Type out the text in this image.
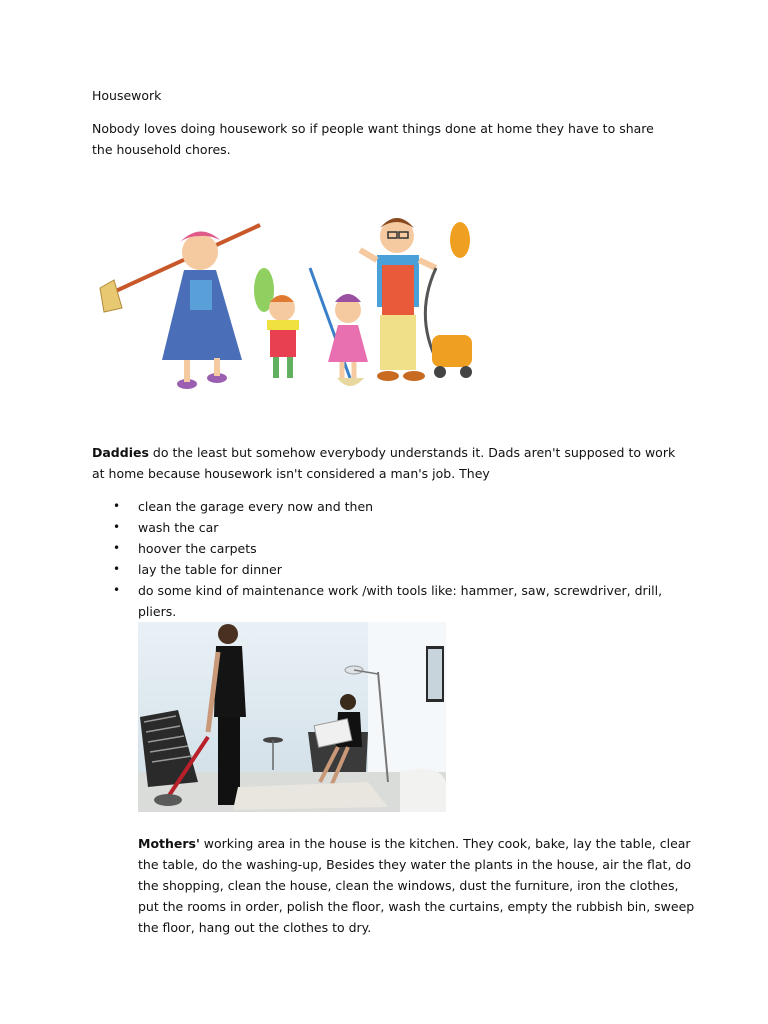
Housework
Nobody loves doing housework so if people want things done at home they have to share the household chores.
Daddies do the least but somehow everybody understands it. Dads aren't supposed to work at home because housework isn't considered a man's job. They
• clean the garage every now and then
• wash the car
• hoover the carpets
• lay the table for dinner
• do some kind of maintenance work /with tools like: hammer, saw, screwdriver, drill, pliers.
Mothers' working area in the house is the kitchen. They cook, bake, lay the table, clear the table, do the washing-up, Besides they water the plants in the house, air the flat, do the shopping, clean the house, clean the windows, dust the furniture, iron the clothes, put the rooms in order, polish the floor, wash the curtains, empty the rubbish bin, sweep the floor, hang out the clothes to dry.
